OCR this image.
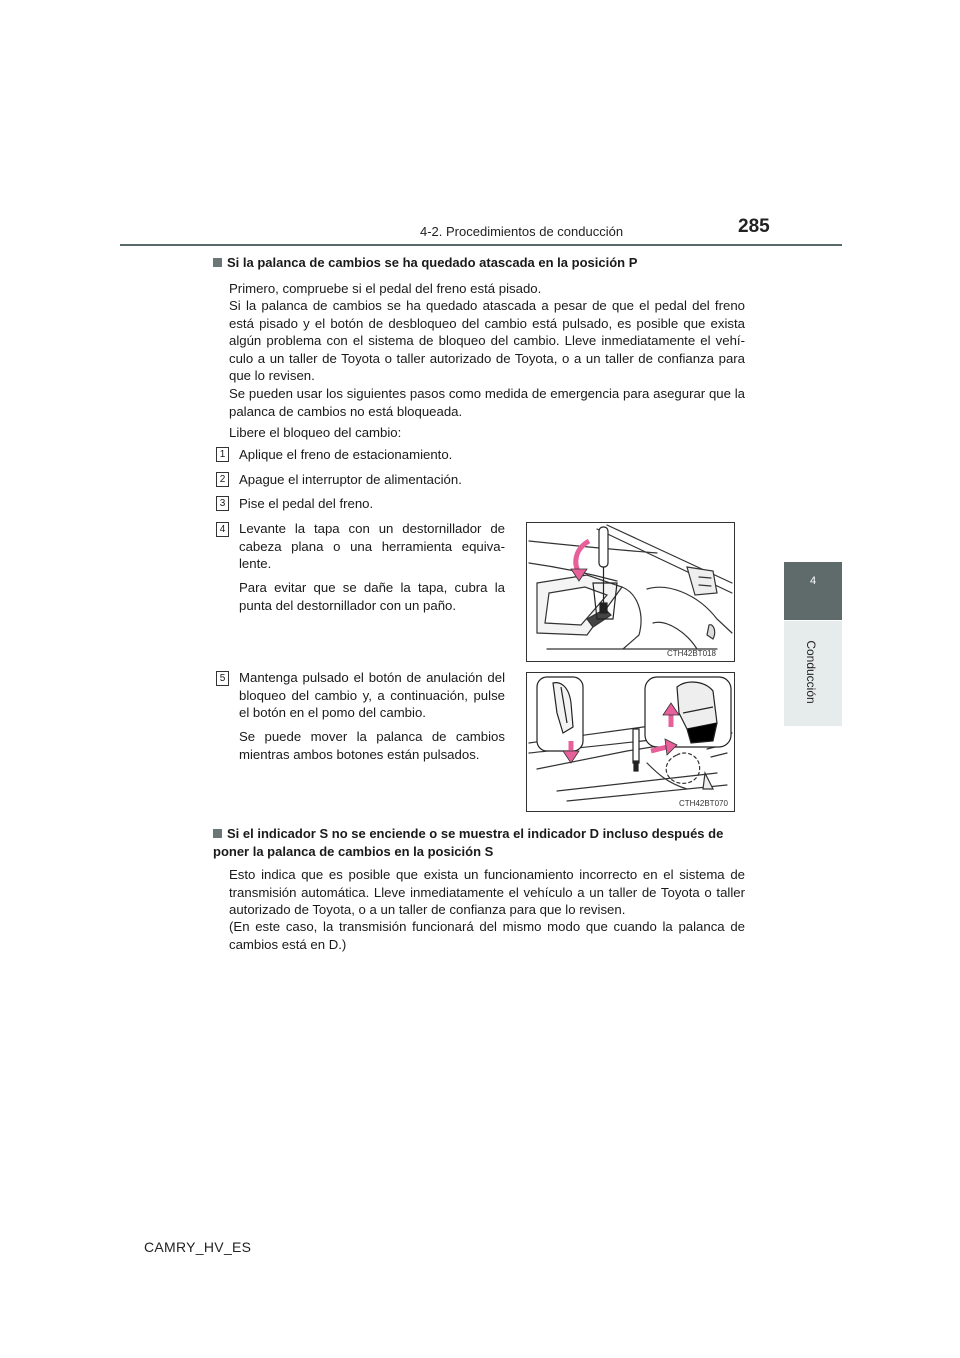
4-2. Procedimientos de conducción	285
4
Conducción
Si la palanca de cambios se ha quedado atascada en la posición P
Primero, compruebe si el pedal del freno está pisado.
Si la palanca de cambios se ha quedado atascada a pesar de que el pedal del freno está pisado y el botón de desbloqueo del cambio está pulsado, es posible que exista algún problema con el sistema de bloqueo del cambio. Lleve inmediatamente el vehí-culo a un taller de Toyota o taller autorizado de Toyota, o a un taller de confianza para que lo revisen.
Se pueden usar los siguientes pasos como medida de emergencia para asegurar que la palanca de cambios no está bloqueada.
Libere el bloqueo del cambio:
1 Aplique el freno de estacionamiento.
2 Apague el interruptor de alimentación.
3 Pise el pedal del freno.
4 Levante la tapa con un destornillador de cabeza plana o una herramienta equiva-lente.
Para evitar que se dañe la tapa, cubra la punta del destornillador con un paño.
CTH42BT018
5 Mantenga pulsado el botón de anulación del bloqueo del cambio y, a continuación, pulse el botón en el pomo del cambio.
Se puede mover la palanca de cambios mientras ambos botones están pulsados.
CTH42BT070
Si el indicador S no se enciende o se muestra el indicador D incluso después de poner la palanca de cambios en la posición S
Esto indica que es posible que exista un funcionamiento incorrecto en el sistema de transmisión automática. Lleve inmediatamente el vehículo a un taller de Toyota o taller autorizado de Toyota, o a un taller de confianza para que lo revisen.
(En este caso, la transmisión funcionará del mismo modo que cuando la palanca de cambios está en D.)
CAMRY_HV_ES
